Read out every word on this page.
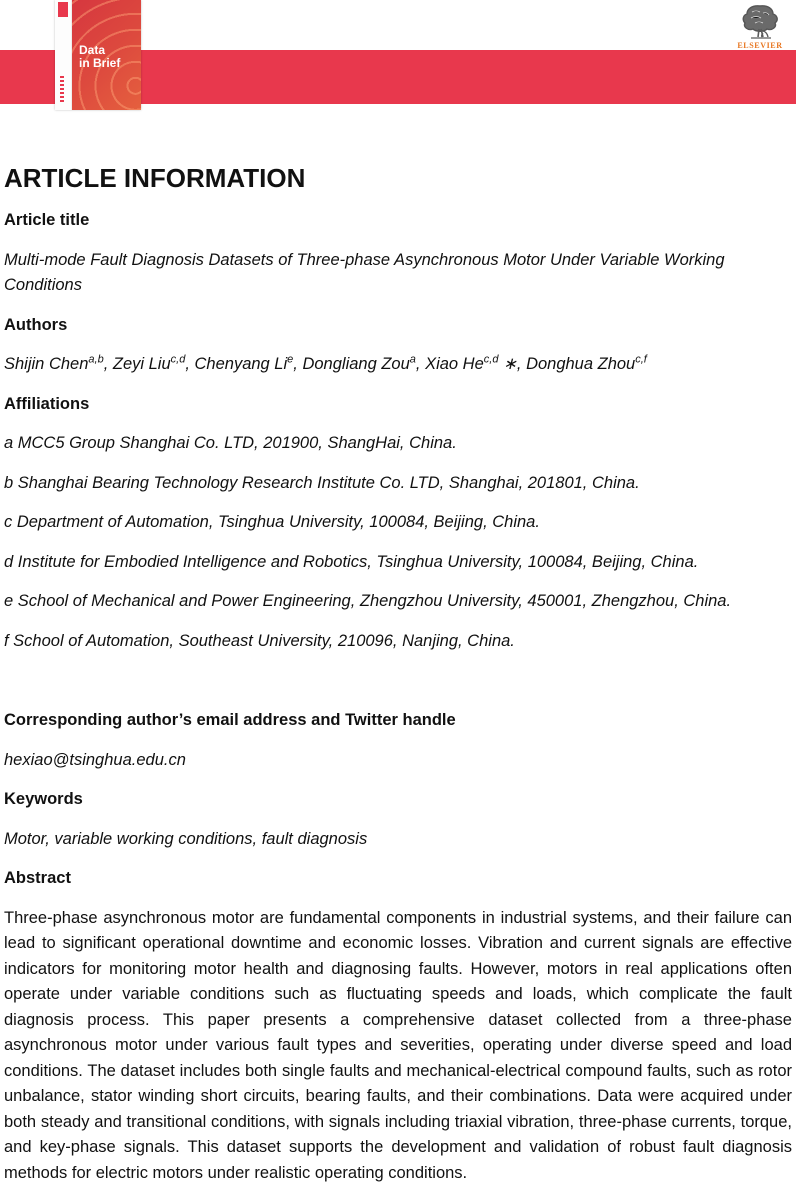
Data in Brief
Open access
Article template
Data
in Brief
ELSEVIER
ARTICLE INFORMATION

Article title

Multi-mode Fault Diagnosis Datasets of Three-phase Asynchronous Motor Under Variable Working Conditions

Authors

Shijin Chen$^{a,b}$, Zeyi Liu$^{c,d}$, Chenyang Li$^e$, Dongliang Zou$^a$, Xiao He$^{c,d}$ ∗, Donghua Zhou$^{c,f}$

Affiliations

a MCC5 Group Shanghai Co. LTD, 201900, ShangHai, China.

b Shanghai Bearing Technology Research Institute Co. LTD, Shanghai, 201801, China.

c Department of Automation, Tsinghua University, 100084, Beijing, China.

d Institute for Embodied Intelligence and Robotics, Tsinghua University, 100084, Beijing, China.

e School of Mechanical and Power Engineering, Zhengzhou University, 450001, Zhengzhou, China.

f School of Automation, Southeast University, 210096, Nanjing, China.

Corresponding author’s email address and Twitter handle

hexiao@tsinghua.edu.cn

Keywords

Motor, variable working conditions, fault diagnosis

Abstract

Three-phase asynchronous motor are fundamental components in industrial systems, and their failure can lead to significant operational downtime and economic losses. Vibration and current signals are effective indicators for monitoring motor health and diagnosing faults. However, motors in real applications often operate under variable conditions such as fluctuating speeds and loads, which complicate the fault diagnosis process. This paper presents a comprehensive dataset collected from a three-phase asynchronous motor under various fault types and severities, operating under diverse speed and load conditions. The dataset includes both single faults and mechanical-electrical compound faults, such as rotor unbalance, stator winding short circuits, bearing faults, and their combinations. Data were acquired under both steady and transitional conditions, with signals including triaxial vibration, three-phase currents, torque, and key-phase signals. This dataset supports the development and validation of robust fault diagnosis methods for electric motors under realistic operating conditions.
